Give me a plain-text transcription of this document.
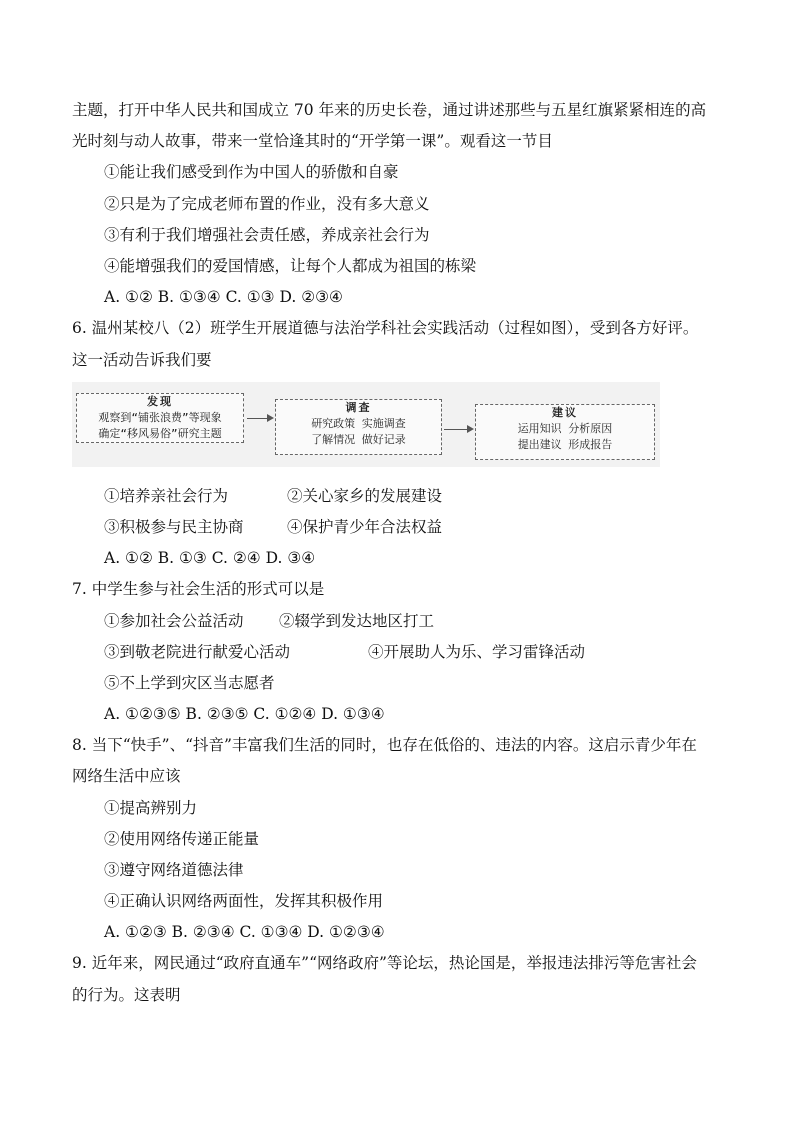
主题，打开中华人民共和国成立 70 年来的历史长卷，通过讲述那些与五星红旗紧紧相连的高
光时刻与动人故事，带来一堂恰逢其时的“开学第一课”。观看这一节目
①能让我们感受到作为中国人的骄傲和自豪
②只是为了完成老师布置的作业，没有多大意义
③有利于我们增强社会责任感，养成亲社会行为
④能增强我们的爱国情感，让每个人都成为祖国的栋梁
A. ①② B. ①③④ C. ①③ D. ②③④
6. 温州某校八（2）班学生开展道德与法治学科社会实践活动（过程如图），受到各方好评。
这一活动告诉我们要
发现
观察到“铺张浪费”等现象
确定“移风易俗”研究主题
调查
研究政策 实施调查
了解情况 做好记录
建议
运用知识 分析原因
提出建议 形成报告
①培养亲社会行为	②关心家乡的发展建设
③积极参与民主协商	④保护青少年合法权益
A. ①② B. ①③ C. ②④ D. ③④
7. 中学生参与社会生活的形式可以是
①参加社会公益活动 ②辍学到发达地区打工
③到敬老院进行献爱心活动	④开展助人为乐、学习雷锋活动
⑤不上学到灾区当志愿者
A. ①②③⑤ B. ②③⑤ C. ①②④ D. ①③④
8. 当下“快手”、“抖音”丰富我们生活的同时，也存在低俗的、违法的内容。这启示青少年在
网络生活中应该
①提高辨别力
②使用网络传递正能量
③遵守网络道德法律
④正确认识网络两面性，发挥其积极作用
A. ①②③ B. ②③④ C. ①③④ D. ①②③④
9. 近年来，网民通过“政府直通车”“网络政府”等论坛，热论国是，举报违法排污等危害社会
的行为。这表明
